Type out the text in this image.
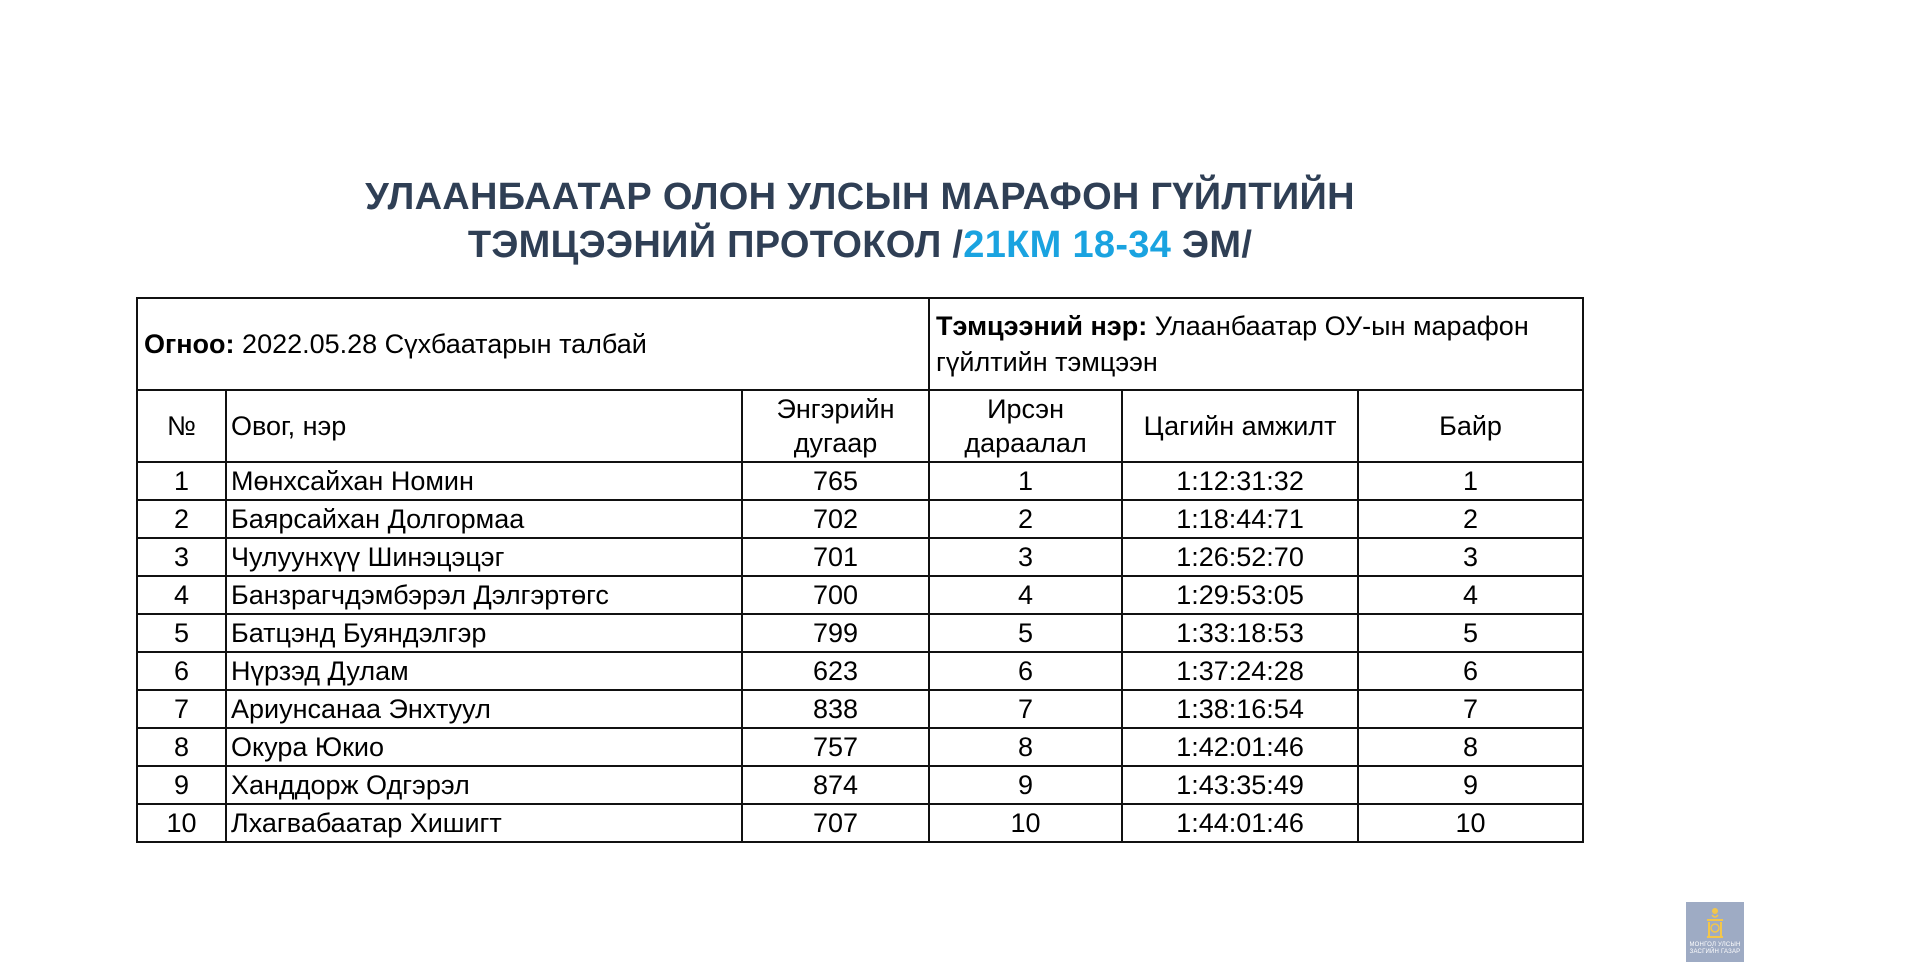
УЛААНБААТАР ОЛОН УЛСЫН МАРАФОН ГҮЙЛТИЙН
ТЭМЦЭЭНИЙ ПРОТОКОЛ /21КМ 18-34 ЭМ/
Огноо: 2022.05.28 Сүхбаатарын талбай			Тэмцээний нэр: Улаанбаатар ОУ-ын марафон гүйлтийн тэмцээн		
№	Овог, нэр	Энгэрийн дугаар	Ирсэн дараалал	Цагийн амжилт	Байр
1	Мөнхсайхан Номин	765	1	1:12:31:32	1
2	Баярсайхан Долгормаа	702	2	1:18:44:71	2
3	Чулуунхүү Шинэцэцэг	701	3	1:26:52:70	3
4	Банзрагчдэмбэрэл Дэлгэртөгс	700	4	1:29:53:05	4
5	Батцэнд Буяндэлгэр	799	5	1:33:18:53	5
6	Нүрзэд Дулам	623	6	1:37:24:28	6
7	Ариунсанаа Энхтуул	838	7	1:38:16:54	7
8	Окура Юкио	757	8	1:42:01:46	8
9	Ханддорж Одгэрэл	874	9	1:43:35:49	9
10	Лхагвабаатар Хишигт	707	10	1:44:01:46	10
МОНГОЛ УЛСЫН
ЗАСГИЙН ГАЗАР
